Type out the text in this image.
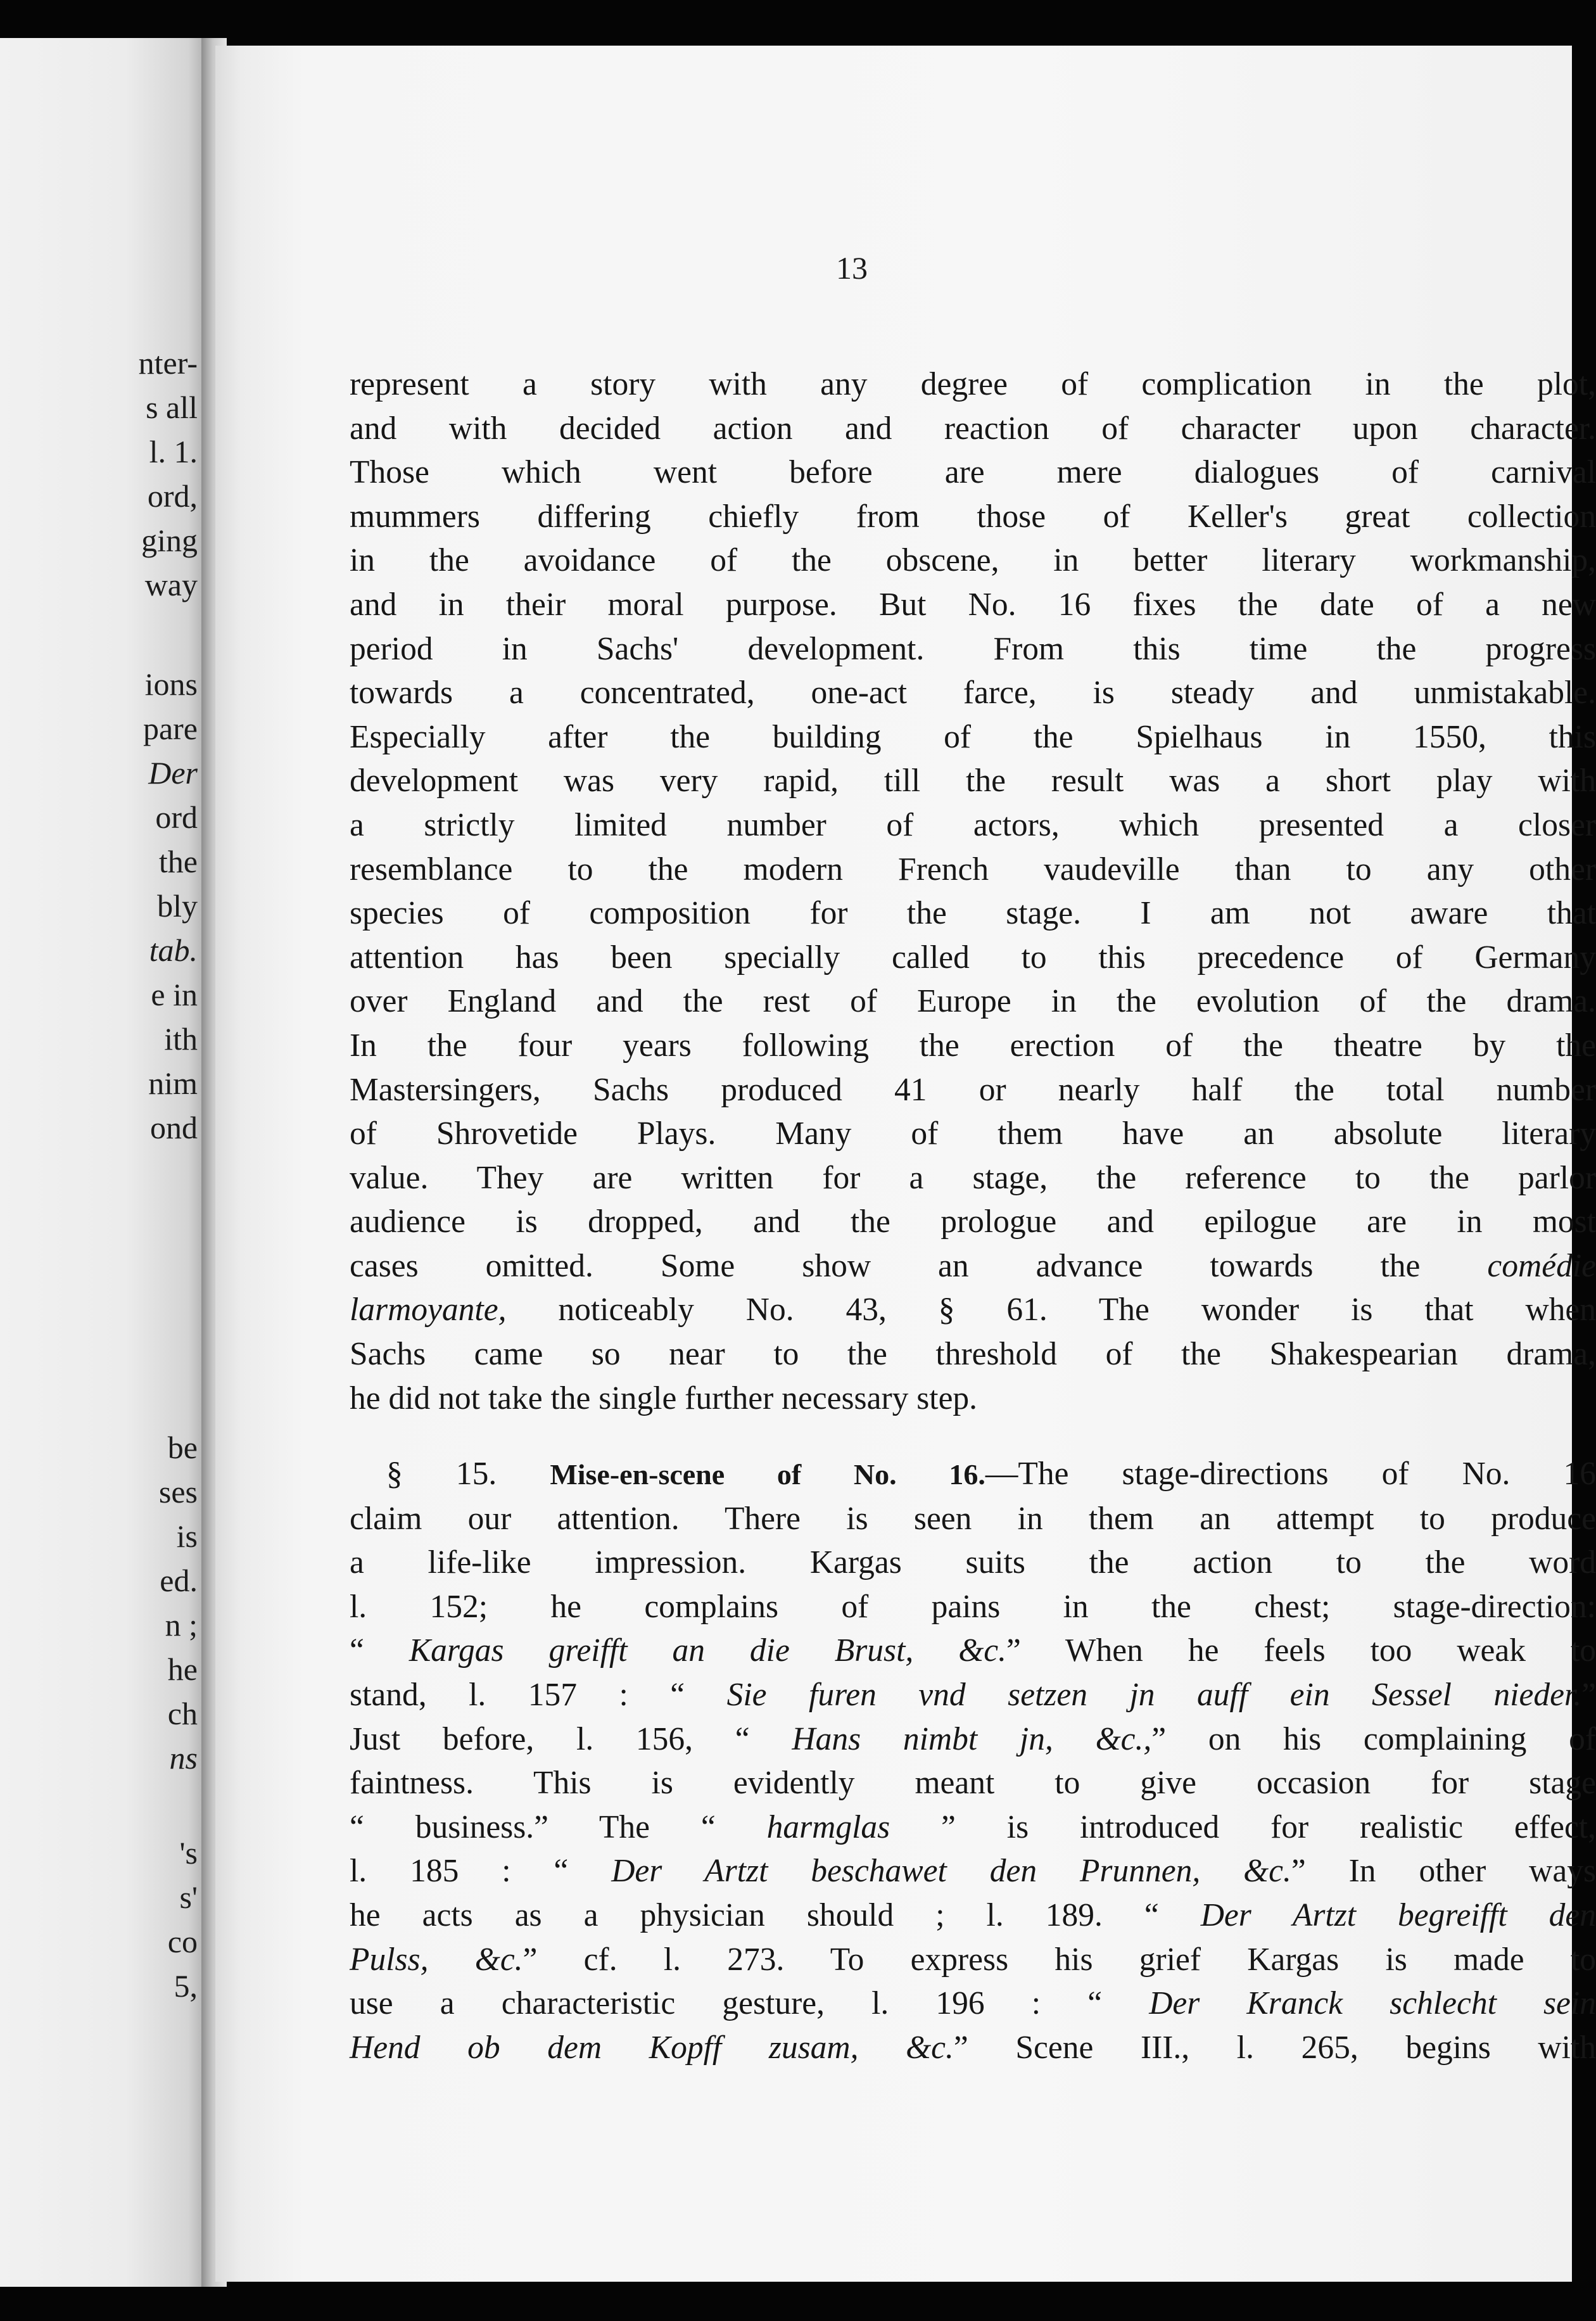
nter-
s all
l. 1.
ord,
ging
way
ions
pare
Der
ord
the
bly
tab.
e in
ith
nim
ond
be
ses
is
ed.
n ;
he
ch
ns
's
s'
co
5,
13
represent a story with any degree of complication in the plot,
and with decided action and reaction of character upon character.
Those which went before are mere dialogues of carnival
mummers differing chiefly from those of Keller's great collection
in the avoidance of the obscene, in better literary workmanship,
and in their moral purpose. But No. 16 fixes the date of a new
period in Sachs' development. From this time the progress
towards a concentrated, one-act farce, is steady and unmistakable.
Especially after the building of the Spielhaus in 1550, this
development was very rapid, till the result was a short play with
a strictly limited number of actors, which presented a closer
resemblance to the modern French vaudeville than to any other
species of composition for the stage. I am not aware that
attention has been specially called to this precedence of Germany
over England and the rest of Europe in the evolution of the drama.
In the four years following the erection of the theatre by the
Mastersingers, Sachs produced 41 or nearly half the total number
of Shrovetide Plays. Many of them have an absolute literary
value. They are written for a stage, the reference to the parlor
audience is dropped, and the prologue and epilogue are in most
cases omitted. Some show an advance towards the comédie
larmoyante, noticeably No. 43, § 61. The wonder is that when
Sachs came so near to the threshold of the Shakespearian drama,
he did not take the single further necessary step.
§ 15. Mise-en-scene of No. 16.—The stage-directions of No. 16
claim our attention. There is seen in them an attempt to produce
a life-like impression. Kargas suits the action to the word
l. 152; he complains of pains in the chest; stage-direction:
“ Kargas greifft an die Brust, &c.” When he feels too weak to
stand, l. 157 : “ Sie furen vnd setzen jn auff ein Sessel nieder.”
Just before, l. 156, “ Hans nimbt jn, &c.,” on his complaining of
faintness. This is evidently meant to give occasion for stage
“ business.” The “ harmglas ” is introduced for realistic effect,
l. 185 : “ Der Artzt beschawet den Prunnen, &c.” In other ways
he acts as a physician should ; l. 189. “ Der Artzt begreifft den
Pulss, &c.” cf. l. 273. To express his grief Kargas is made to
use a characteristic gesture, l. 196 : “ Der Kranck schlecht sein
Hend ob dem Kopff zusam, &c.” Scene III., l. 265, begins with
